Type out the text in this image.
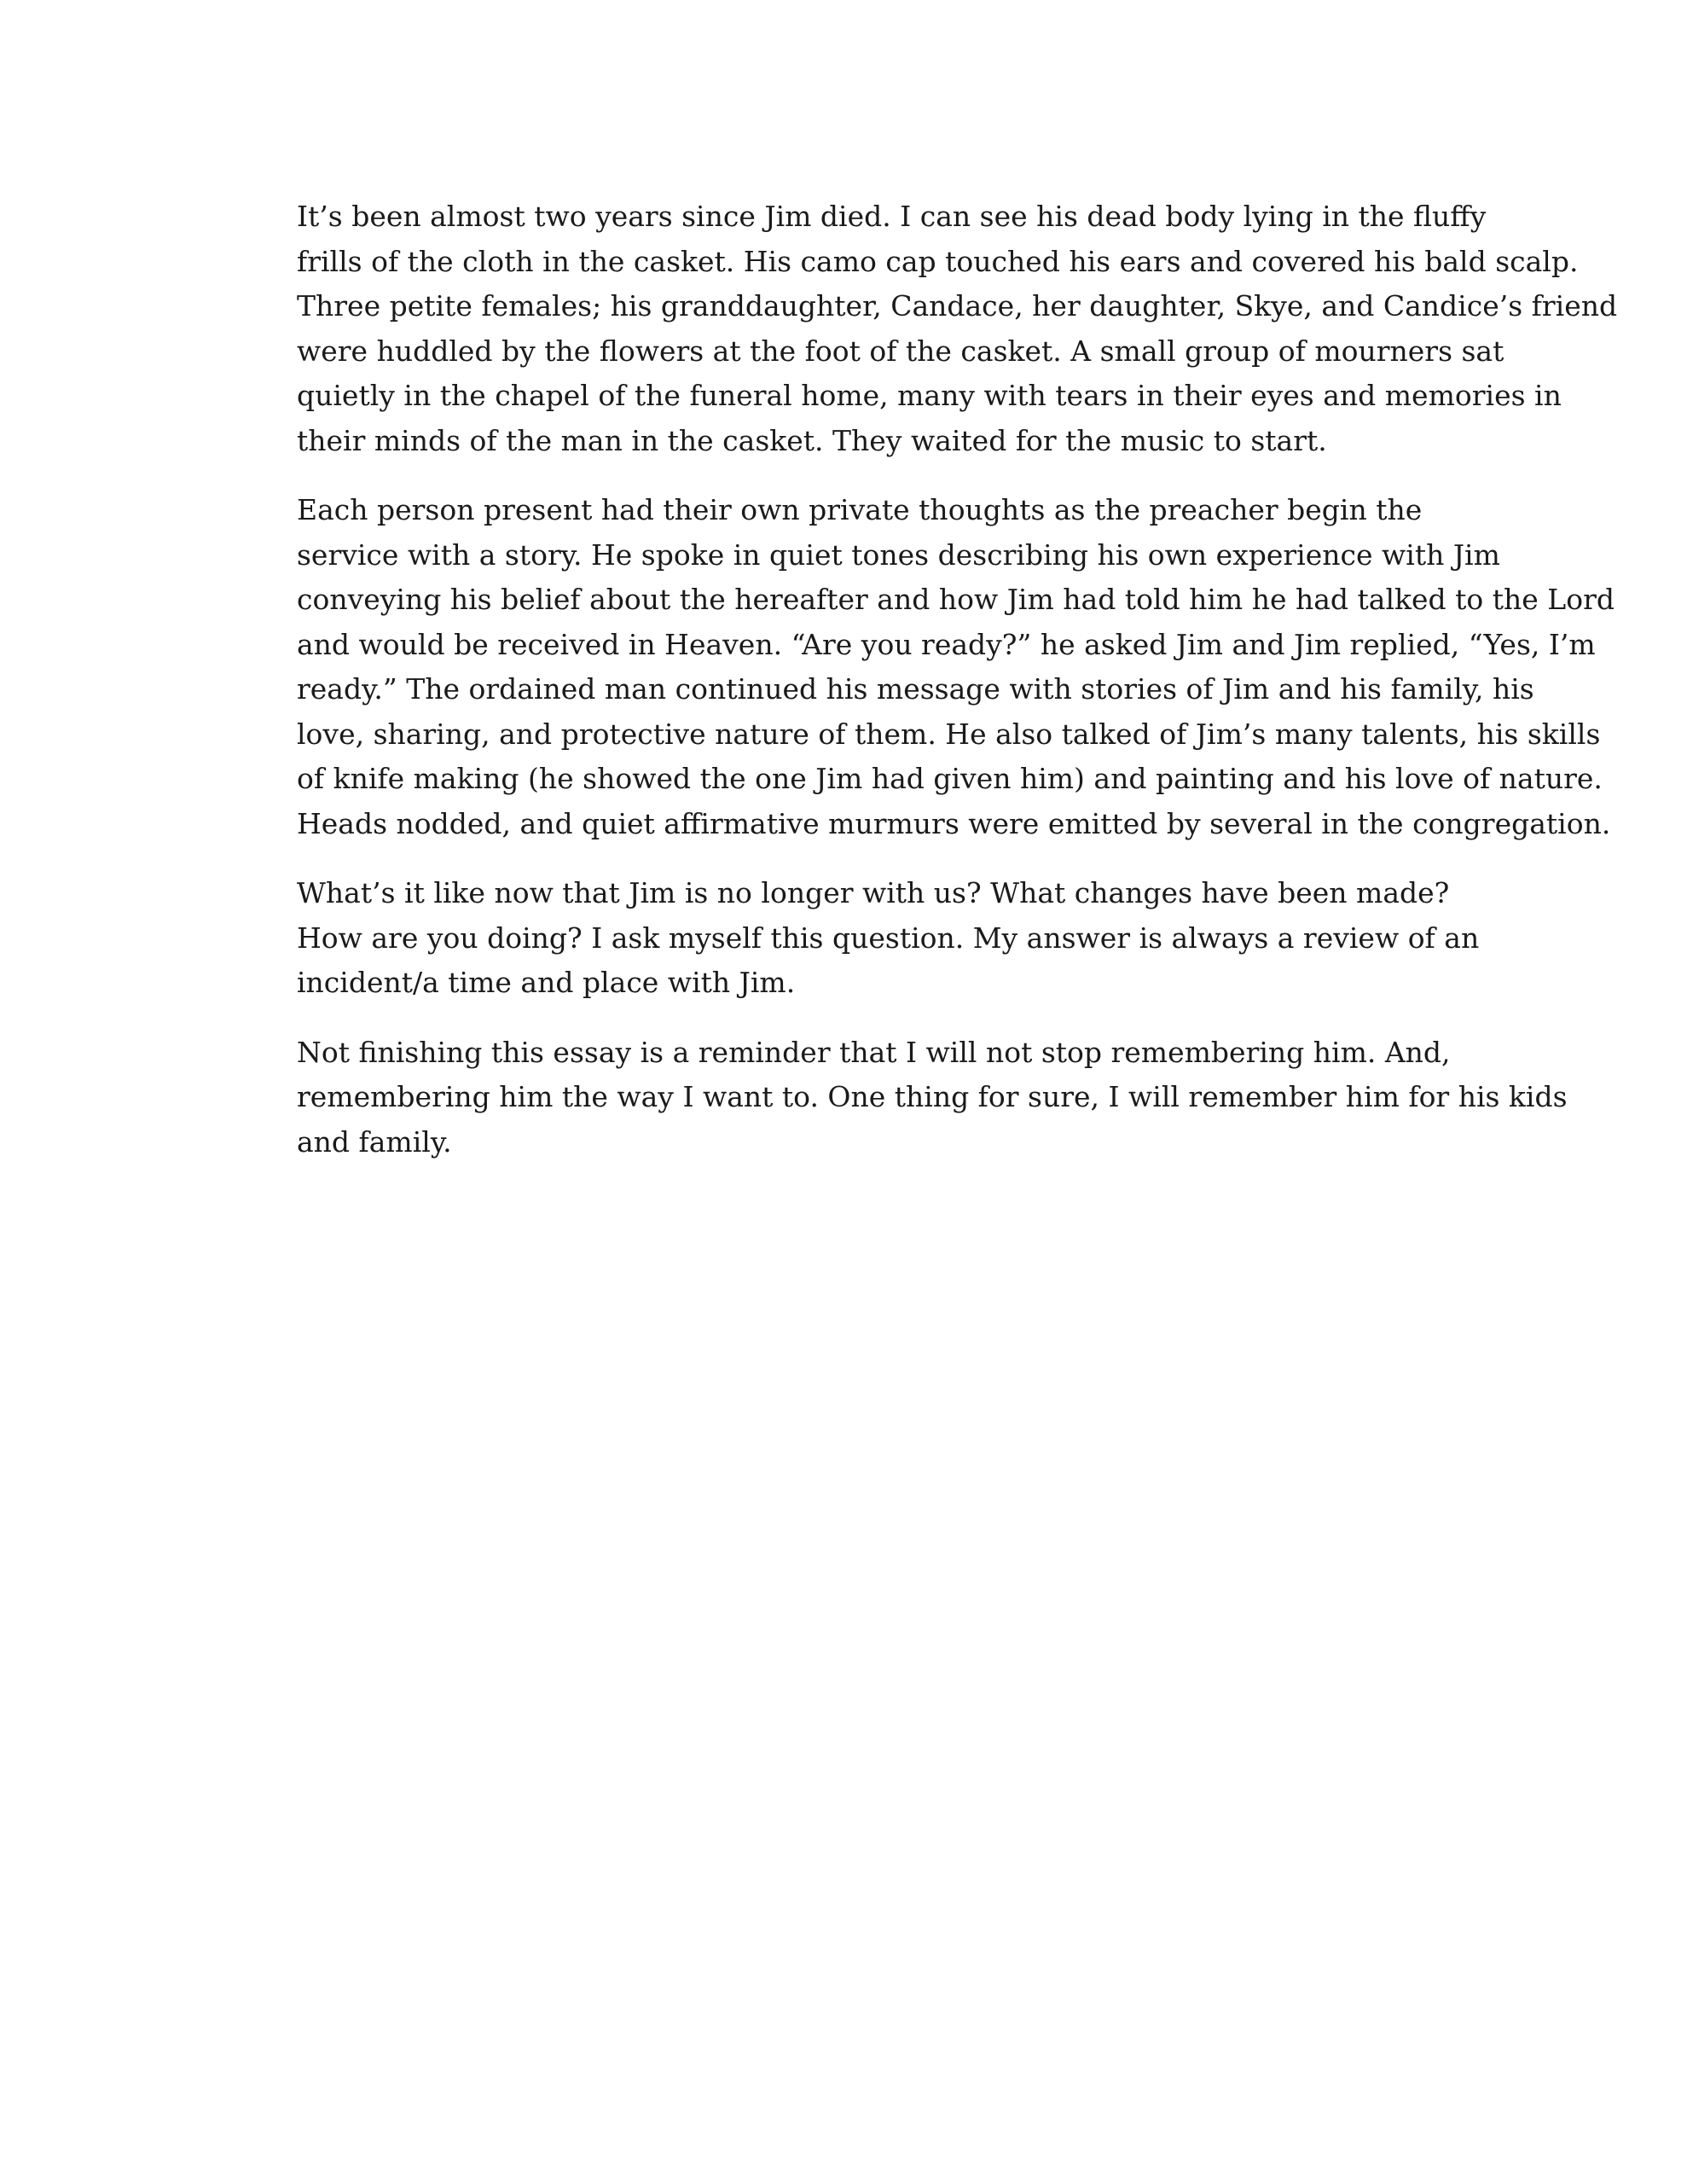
It’s been almost two years since Jim died. I can see his dead body lying in the fluffy

frills of the cloth in the casket. His camo cap touched his ears and covered his bald scalp.
Three petite females; his granddaughter, Candace, her daughter, Skye, and Candice’s friend
were huddled by the flowers at the foot of the casket. A small group of mourners sat
quietly in the chapel of the funeral home, many with tears in their eyes and memories in
their minds of the man in the casket. They waited for the music to start.

Each person present had their own private thoughts as the preacher begin the

service with a story. He spoke in quiet tones describing his own experience with Jim
conveying his belief about the hereafter and how Jim had told him he had talked to the Lord
and would be received in Heaven. “Are you ready?” he asked Jim and Jim replied, “Yes, I’m
ready.” The ordained man continued his message with stories of Jim and his family, his
love, sharing, and protective nature of them. He also talked of Jim’s many talents, his skills
of knife making (he showed the one Jim had given him) and painting and his love of nature.
Heads nodded, and quiet affirmative murmurs were emitted by several in the congregation.

What’s it like now that Jim is no longer with us? What changes have been made?

How are you doing? I ask myself this question. My answer is always a review of an
incident/a time and place with Jim.

Not finishing this essay is a reminder that I will not stop remembering him. And,

remembering him the way I want to. One thing for sure, I will remember him for his kids
and family.
